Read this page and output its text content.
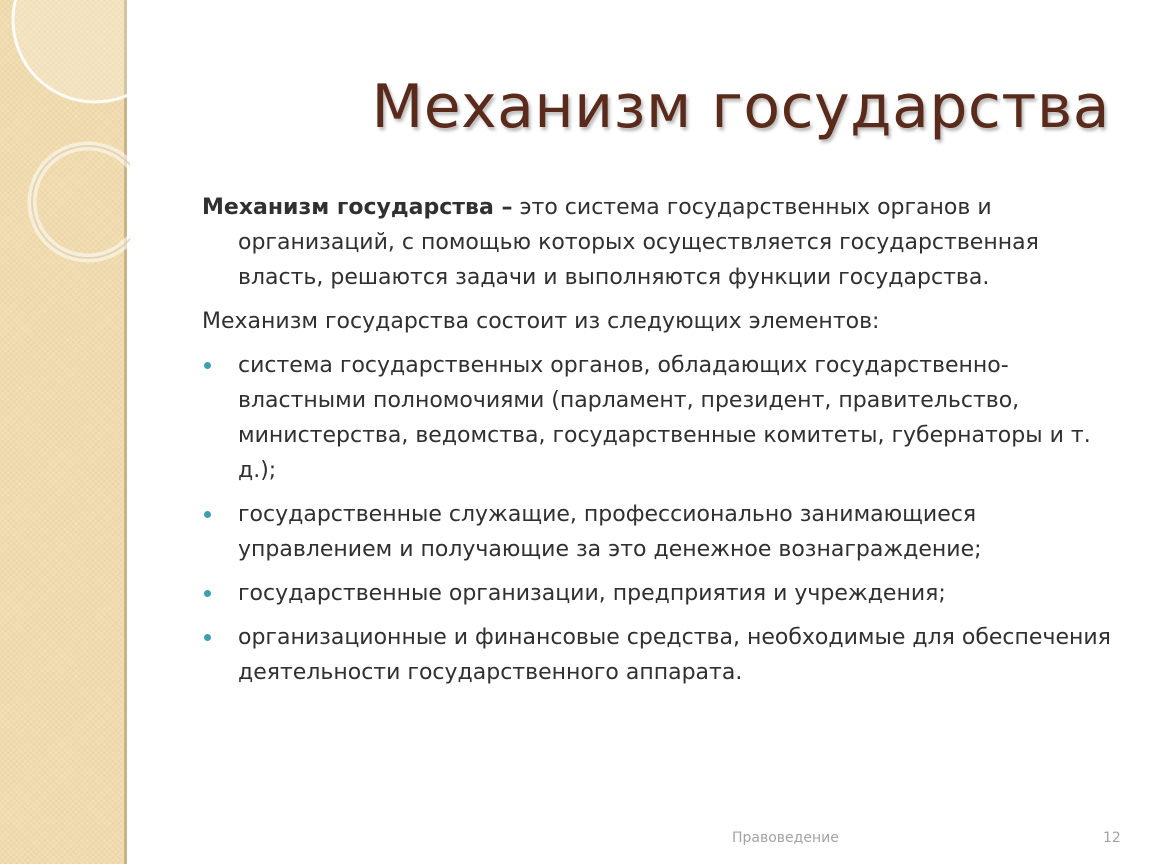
Механизм государства

Механизм государства – это система государственных органов и организаций, с помощью которых осуществляется государственная власть, решаются задачи и выполняются функции государства.

Механизм государства состоит из следующих элементов:

система государственных органов, обладающих государственно-властными полномочиями (парламент, президент, правительство, министерства, ведомства, государственные комитеты, губернаторы и т. д.);
государственные служащие, профессионально занимающиеся управлением и получающие за это денежное вознаграждение;
государственные организации, предприятия и учреждения;
организационные и финансовые средства, необходимые для обеспечения деятельности государственного аппарата.
Правоведение	12
